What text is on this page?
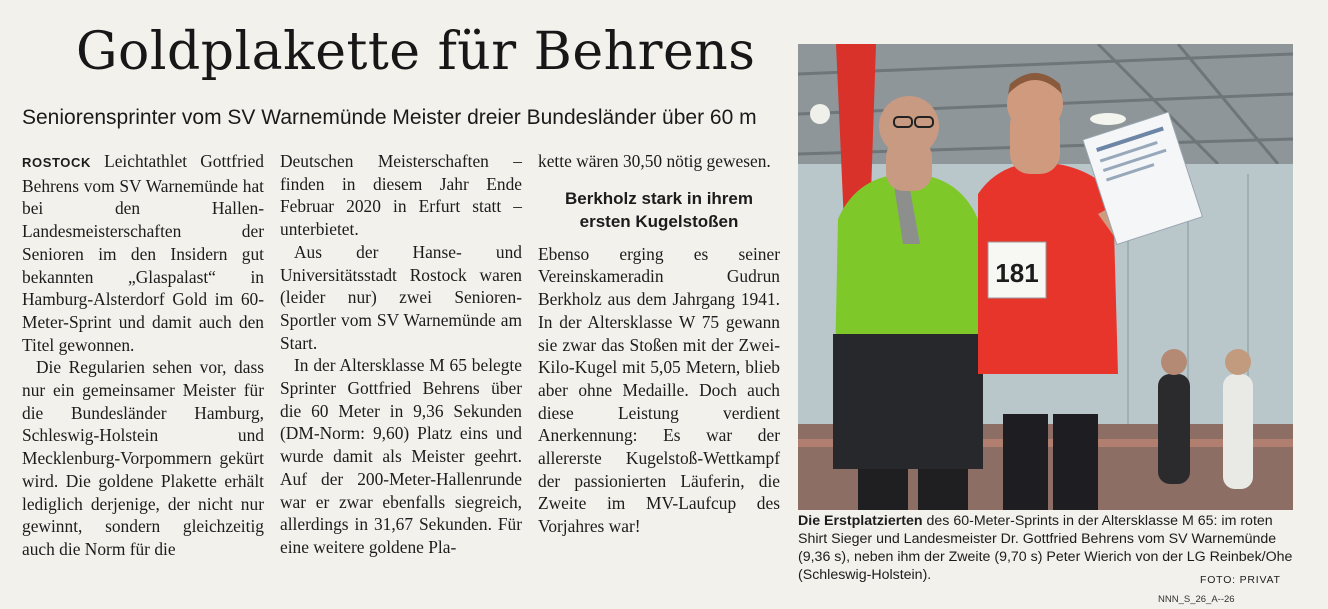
Goldplakette für Behrens
Seniorensprinter vom SV Warnemünde Meister dreier Bundesländer über 60 m

ROSTOCK Leichtathlet Gottfried Behrens vom SV Warnemünde hat bei den Hallen-Landesmeisterschaften der Senioren im den Insidern gut bekannten „Glaspalast“ in Hamburg-Alsterdorf Gold im 60-Meter-Sprint und damit auch den Titel gewonnen.

Die Regularien sehen vor, dass nur ein gemeinsamer Meister für die Bundesländer Hamburg, Schleswig-Holstein und Mecklenburg-Vorpommern gekürt wird. Die goldene Plakette erhält lediglich derjenige, der nicht nur gewinnt, sondern gleichzeitig auch die Norm für die

Deutschen Meisterschaften – finden in diesem Jahr Ende Februar 2020 in Erfurt statt – unterbietet.

Aus der Hanse- und Universitätsstadt Rostock waren (leider nur) zwei Senioren-Sportler vom SV Warnemünde am Start.

In der Altersklasse M 65 belegte Sprinter Gottfried Behrens über die 60 Meter in 9,36 Sekunden (DM-Norm: 9,60) Platz eins und wurde damit als Meister geehrt. Auf der 200-Meter-Hallenrunde war er zwar ebenfalls siegreich, allerdings in 31,67 Sekunden. Für eine weitere goldene Pla-

kette wären 30,50 nötig gewesen.

Berkholz stark in ihrem ersten Kugelstoßen

Ebenso erging es seiner Vereinskameradin Gudrun Berkholz aus dem Jahrgang 1941. In der Altersklasse W 75 gewann sie zwar das Stoßen mit der Zwei-Kilo-Kugel mit 5,05 Metern, blieb aber ohne Medaille. Doch auch diese Leistung verdient Anerkennung: Es war der allererste Kugelstoß-Wettkampf der passionierten Läuferin, die Zweite im MV-Laufcup des Vorjahres war!

181
Die Erstplatzierten des 60-Meter-Sprints in der Altersklasse M 65: im roten Shirt Sieger und Landesmeister Dr. Gottfried Behrens vom SV Warnemünde (9,36 s), neben ihm der Zweite (9,70 s) Peter Wierich von der LG Reinbek/Ohe (Schleswig-Holstein).	FOTO: PRIVAT
NNN_S_26_A--26
